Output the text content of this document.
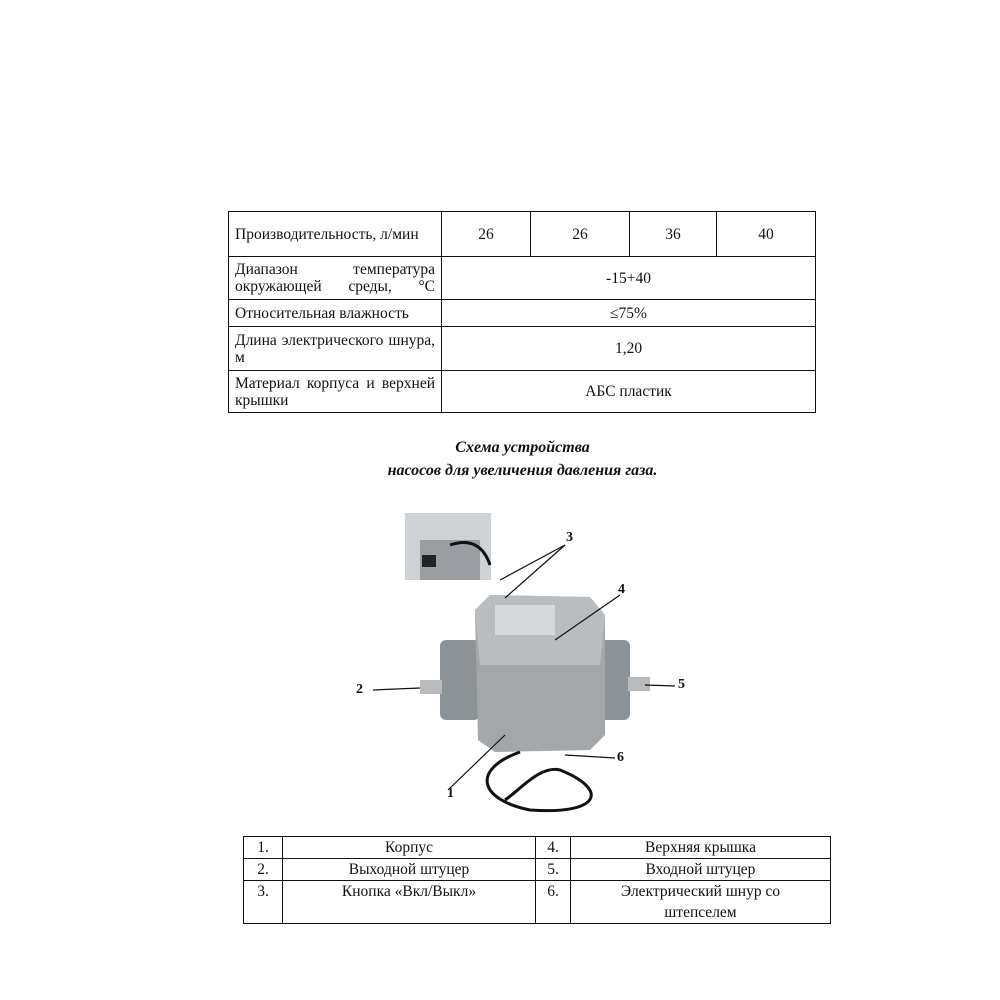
Производительность, л/мин	26	26	36	40
Диапазон температура окружающей среды, °C	-15+40			
Относительная влажность	≤75%			
Длина электрического шнура, м	1,20			
Материал корпуса и верхней крышки	АБС пластик			
Схема устройства
насосов для увеличения давления газа.
1
2
3
4
5
6
1.	Корпус	4.	Верхняя крышка
2.	Выходной штуцер	5.	Входной штуцер
3.	Кнопка «Вкл/Выкл»	6.	Электрический шнур со штепселем
